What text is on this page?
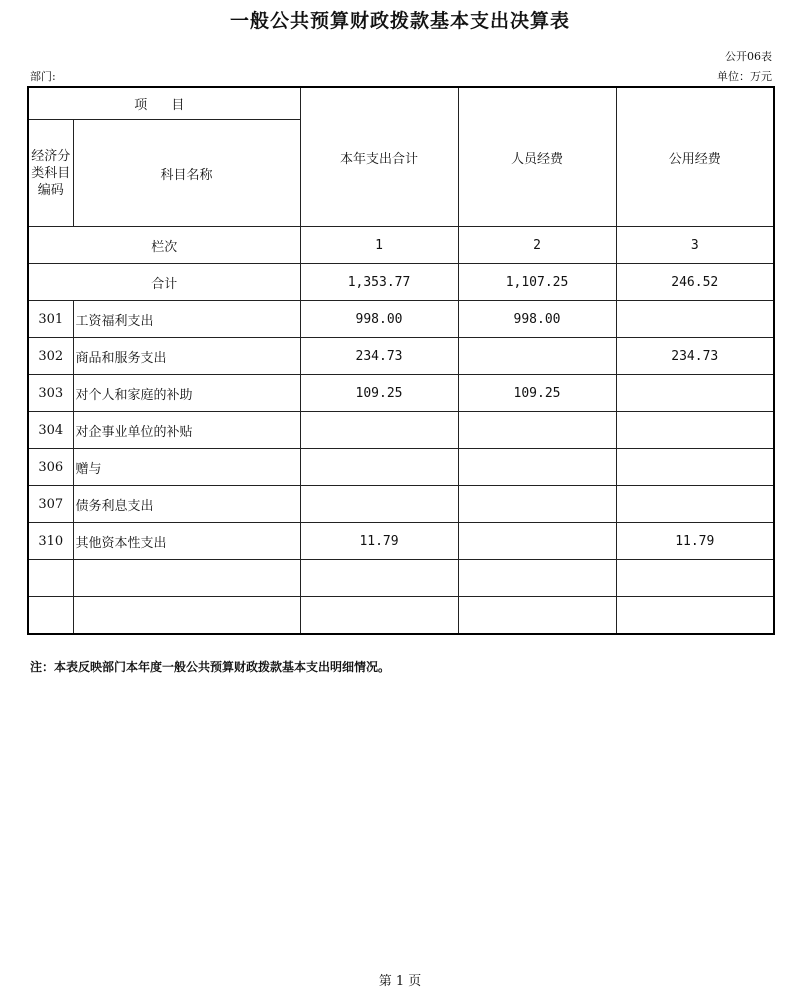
一般公共预算财政拨款基本支出决算表
公开06表
部门:	单位：万元
项 目		本年支出合计	人员经费	公用经费
经济分类科目编码	科目名称			
栏次		1	2	3
合计		1,353.77	1,107.25	246.52
301	工资福利支出	998.00	998.00	
302	商品和服务支出	234.73		234.73
303	对个人和家庭的补助	109.25	109.25	
304	对企事业单位的补贴			
306	赠与			
307	债务利息支出			
310	其他资本性支出	11.79		11.79

注：本表反映部门本年度一般公共预算财政拨款基本支出明细情况。
第 1 页
